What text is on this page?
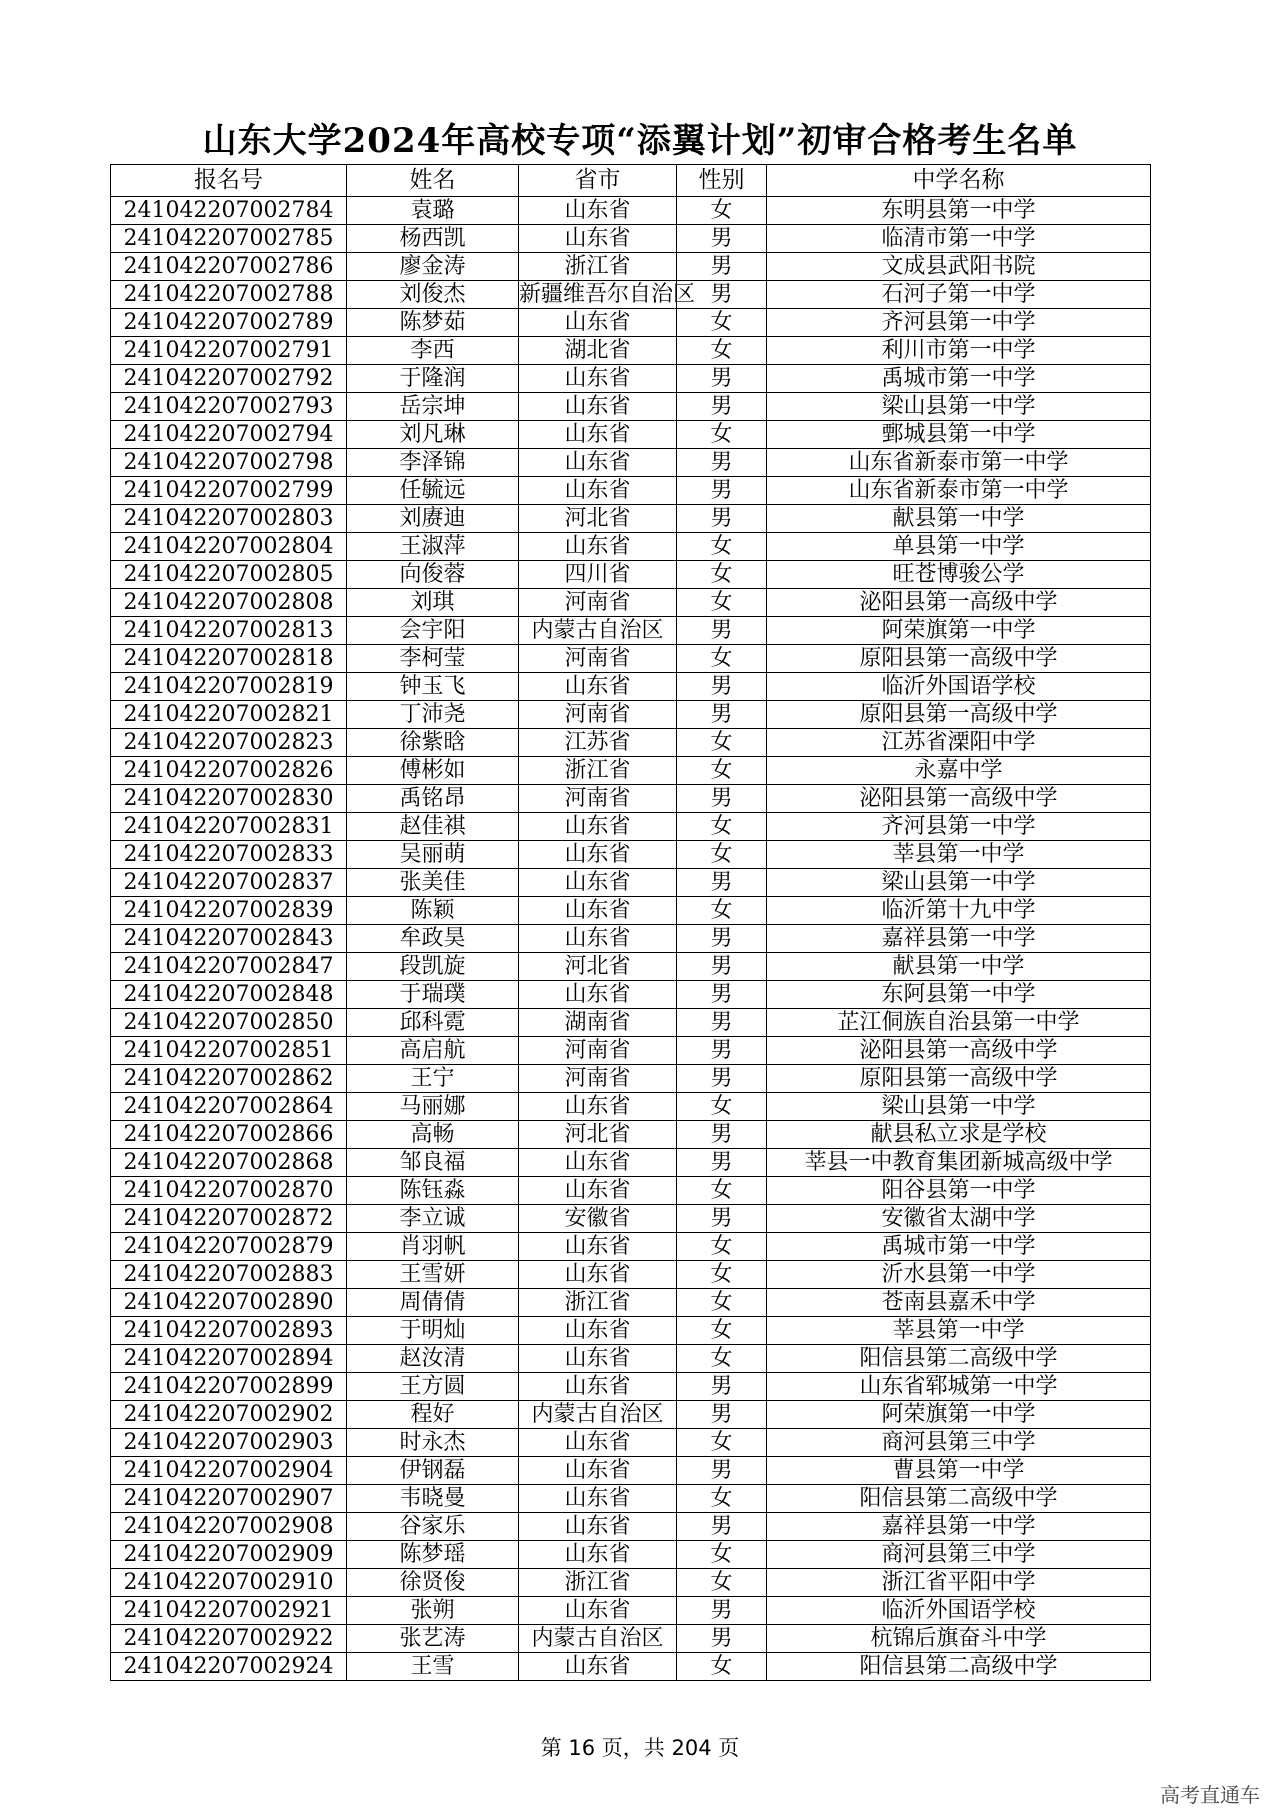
山东大学2024年高校专项“添翼计划”初审合格考生名单
报名号	姓名	省市	性别	中学名称
241042207002784	袁璐	山东省	女	东明县第一中学
241042207002785	杨西凯	山东省	男	临清市第一中学
241042207002786	廖金涛	浙江省	男	文成县武阳书院
241042207002788	刘俊杰	新疆维吾尔自治区	男	石河子第一中学
241042207002789	陈梦茹	山东省	女	齐河县第一中学
241042207002791	李西	湖北省	女	利川市第一中学
241042207002792	于隆润	山东省	男	禹城市第一中学
241042207002793	岳宗坤	山东省	男	梁山县第一中学
241042207002794	刘凡琳	山东省	女	鄄城县第一中学
241042207002798	李泽锦	山东省	男	山东省新泰市第一中学
241042207002799	任毓远	山东省	男	山东省新泰市第一中学
241042207002803	刘赓迪	河北省	男	献县第一中学
241042207002804	王淑萍	山东省	女	单县第一中学
241042207002805	向俊蓉	四川省	女	旺苍博骏公学
241042207002808	刘琪	河南省	女	泌阳县第一高级中学
241042207002813	会宇阳	内蒙古自治区	男	阿荣旗第一中学
241042207002818	李柯莹	河南省	女	原阳县第一高级中学
241042207002819	钟玉飞	山东省	男	临沂外国语学校
241042207002821	丁沛尧	河南省	男	原阳县第一高级中学
241042207002823	徐紫晗	江苏省	女	江苏省溧阳中学
241042207002826	傅彬如	浙江省	女	永嘉中学
241042207002830	禹铭昂	河南省	男	泌阳县第一高级中学
241042207002831	赵佳祺	山东省	女	齐河县第一中学
241042207002833	吴丽萌	山东省	女	莘县第一中学
241042207002837	张美佳	山东省	男	梁山县第一中学
241042207002839	陈颖	山东省	女	临沂第十九中学
241042207002843	牟政昊	山东省	男	嘉祥县第一中学
241042207002847	段凯旋	河北省	男	献县第一中学
241042207002848	于瑞璞	山东省	男	东阿县第一中学
241042207002850	邱科霓	湖南省	男	芷江侗族自治县第一中学
241042207002851	高启航	河南省	男	泌阳县第一高级中学
241042207002862	王宁	河南省	男	原阳县第一高级中学
241042207002864	马丽娜	山东省	女	梁山县第一中学
241042207002866	高畅	河北省	男	献县私立求是学校
241042207002868	邹良福	山东省	男	莘县一中教育集团新城高级中学
241042207002870	陈钰淼	山东省	女	阳谷县第一中学
241042207002872	李立诚	安徽省	男	安徽省太湖中学
241042207002879	肖羽帆	山东省	女	禹城市第一中学
241042207002883	王雪妍	山东省	女	沂水县第一中学
241042207002890	周倩倩	浙江省	女	苍南县嘉禾中学
241042207002893	于明灿	山东省	女	莘县第一中学
241042207002894	赵汝清	山东省	女	阳信县第二高级中学
241042207002899	王方圆	山东省	男	山东省郓城第一中学
241042207002902	程好	内蒙古自治区	男	阿荣旗第一中学
241042207002903	时永杰	山东省	女	商河县第三中学
241042207002904	伊钢磊	山东省	男	曹县第一中学
241042207002907	韦晓曼	山东省	女	阳信县第二高级中学
241042207002908	谷家乐	山东省	男	嘉祥县第一中学
241042207002909	陈梦瑶	山东省	女	商河县第三中学
241042207002910	徐贤俊	浙江省	女	浙江省平阳中学
241042207002921	张朔	山东省	男	临沂外国语学校
241042207002922	张艺涛	内蒙古自治区	男	杭锦后旗奋斗中学
241042207002924	王雪	山东省	女	阳信县第二高级中学
第 16 页，共 204 页
高考直通车
